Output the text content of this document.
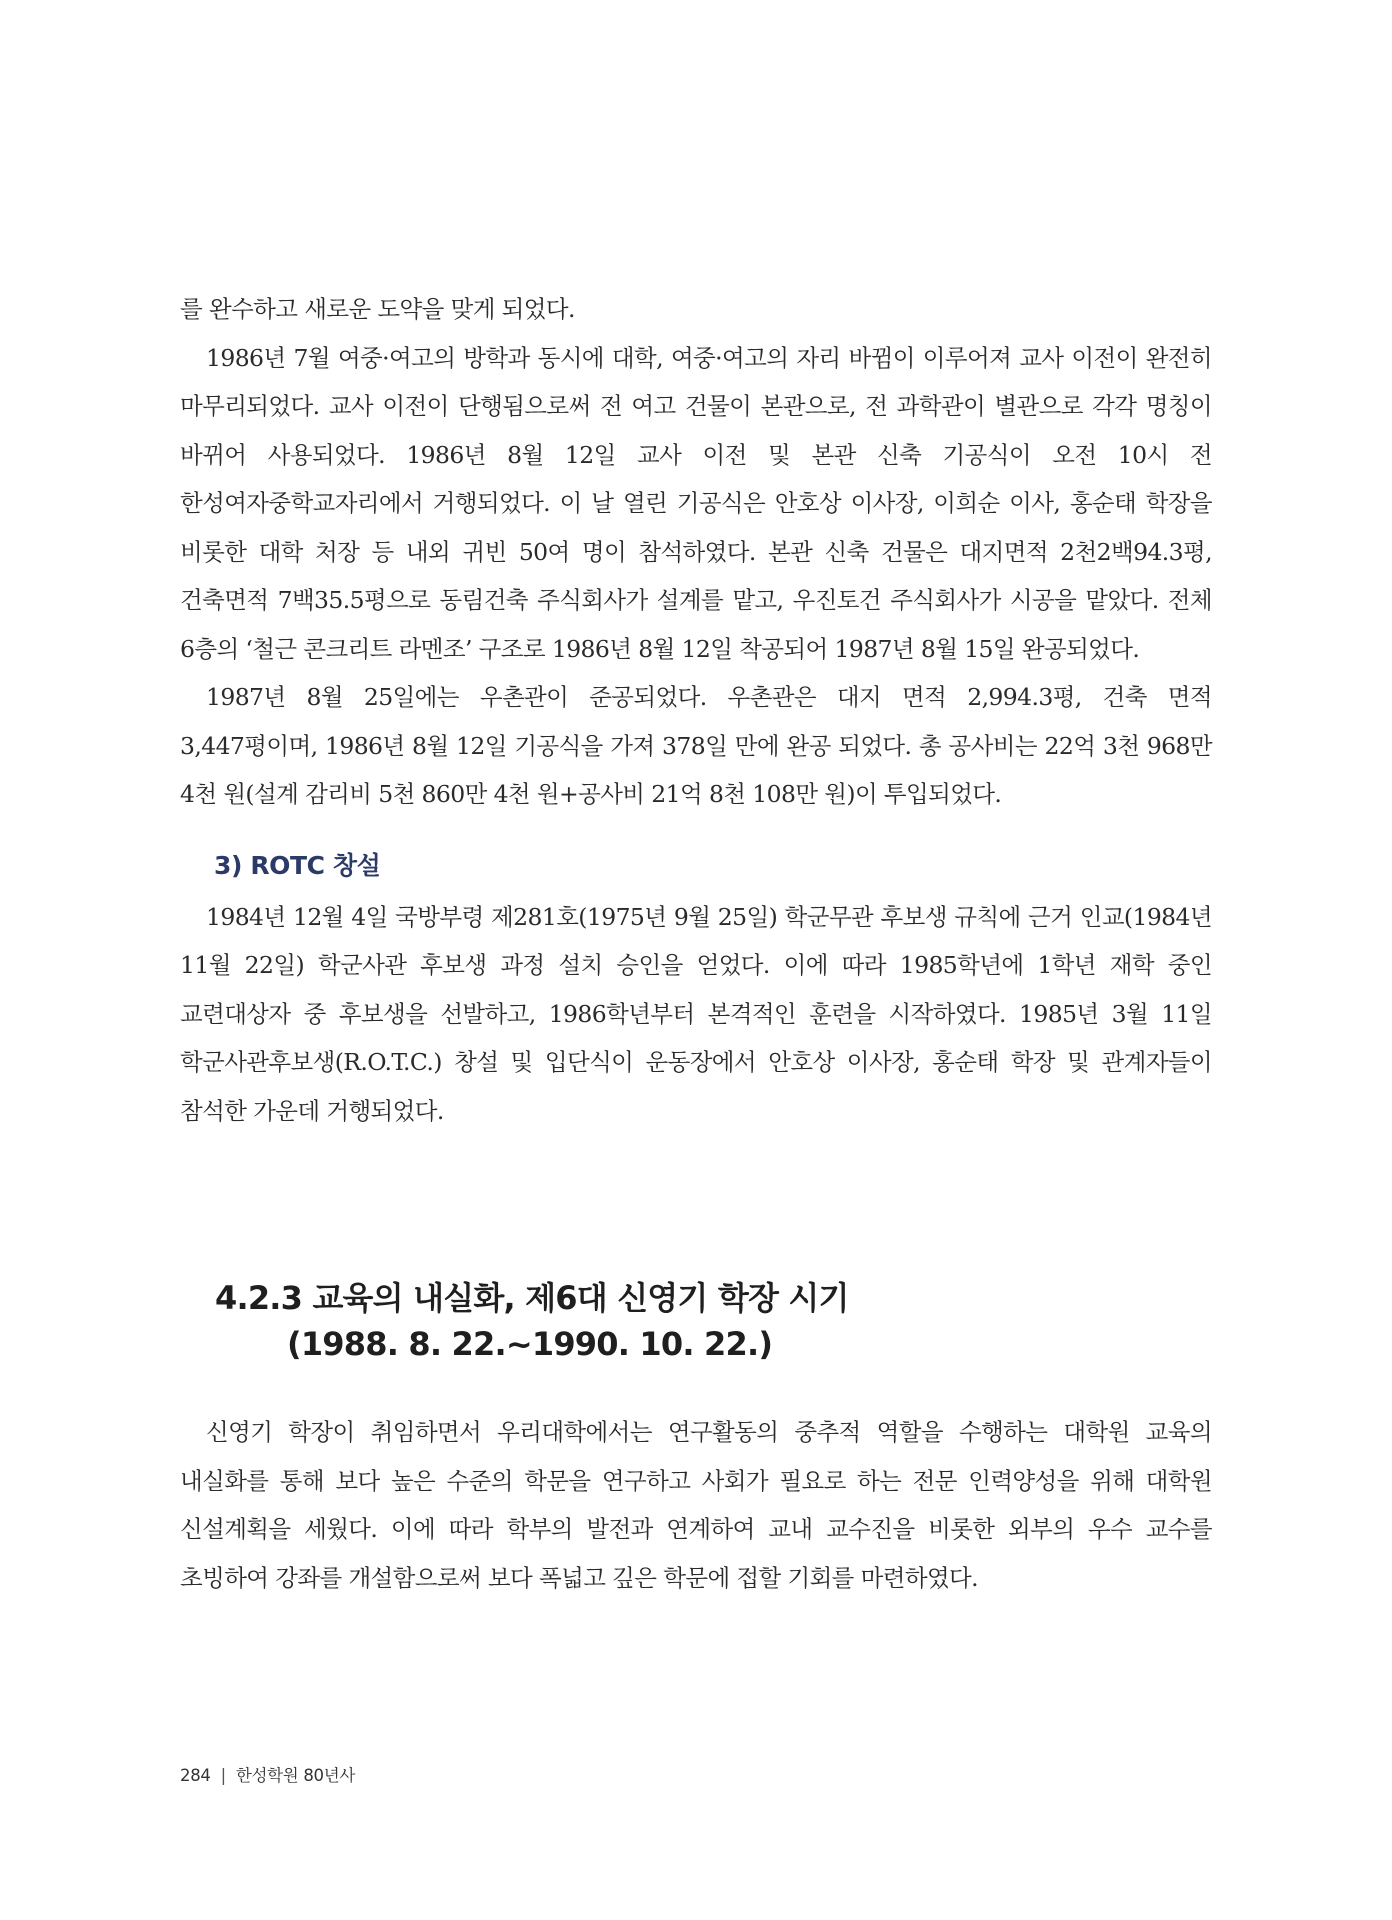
를 완수하고 새로운 도약을 맞게 되었다.

1986년 7월 여중·여고의 방학과 동시에 대학, 여중·여고의 자리 바뀜이 이루어져 교사 이전이 완전히 마무리되었다. 교사 이전이 단행됨으로써 전 여고 건물이 본관으로, 전 과학관이 별관으로 각각 명칭이 바뀌어 사용되었다. 1986년 8월 12일 교사 이전 및 본관 신축 기공식이 오전 10시 전 한성여자중학교자리에서 거행되었다. 이 날 열린 기공식은 안호상 이사장, 이희순 이사, 홍순태 학장을 비롯한 대학 처장 등 내외 귀빈 50여 명이 참석하였다. 본관 신축 건물은 대지면적 2천2백94.3평, 건축면적 7백35.5평으로 동림건축 주식회사가 설계를 맡고, 우진토건 주식회사가 시공을 맡았다. 전체 6층의 ‘철근 콘크리트 라멘조’ 구조로 1986년 8월 12일 착공되어 1987년 8월 15일 완공되었다.

1987년 8월 25일에는 우촌관이 준공되었다. 우촌관은 대지 면적 2,994.3평, 건축 면적 3,447평이며, 1986년 8월 12일 기공식을 가져 378일 만에 완공 되었다. 총 공사비는 22억 3천 968만 4천 원(설계 감리비 5천 860만 4천 원+공사비 21억 8천 108만 원)이 투입되었다.

3) ROTC 창설

1984년 12월 4일 국방부령 제281호(1975년 9월 25일) 학군무관 후보생 규칙에 근거 인교(1984년 11월 22일) 학군사관 후보생 과정 설치 승인을 얻었다. 이에 따라 1985학년에 1학년 재학 중인 교련대상자 중 후보생을 선발하고, 1986학년부터 본격적인 훈련을 시작하였다. 1985년 3월 11일 학군사관후보생(R.O.T.C.) 창설 및 입단식이 운동장에서 안호상 이사장, 홍순태 학장 및 관계자들이 참석한 가운데 거행되었다.

4.2.3 교육의 내실화, 제6대 신영기 학장 시기
(1988. 8. 22.~1990. 10. 22.)

신영기 학장이 취임하면서 우리대학에서는 연구활동의 중추적 역할을 수행하는 대학원 교육의 내실화를 통해 보다 높은 수준의 학문을 연구하고 사회가 필요로 하는 전문 인력양성을 위해 대학원 신설계획을 세웠다. 이에 따라 학부의 발전과 연계하여 교내 교수진을 비롯한 외부의 우수 교수를 초빙하여 강좌를 개설함으로써 보다 폭넓고 깊은 학문에 접할 기회를 마련하였다.

284 | 한성학원 80년사
